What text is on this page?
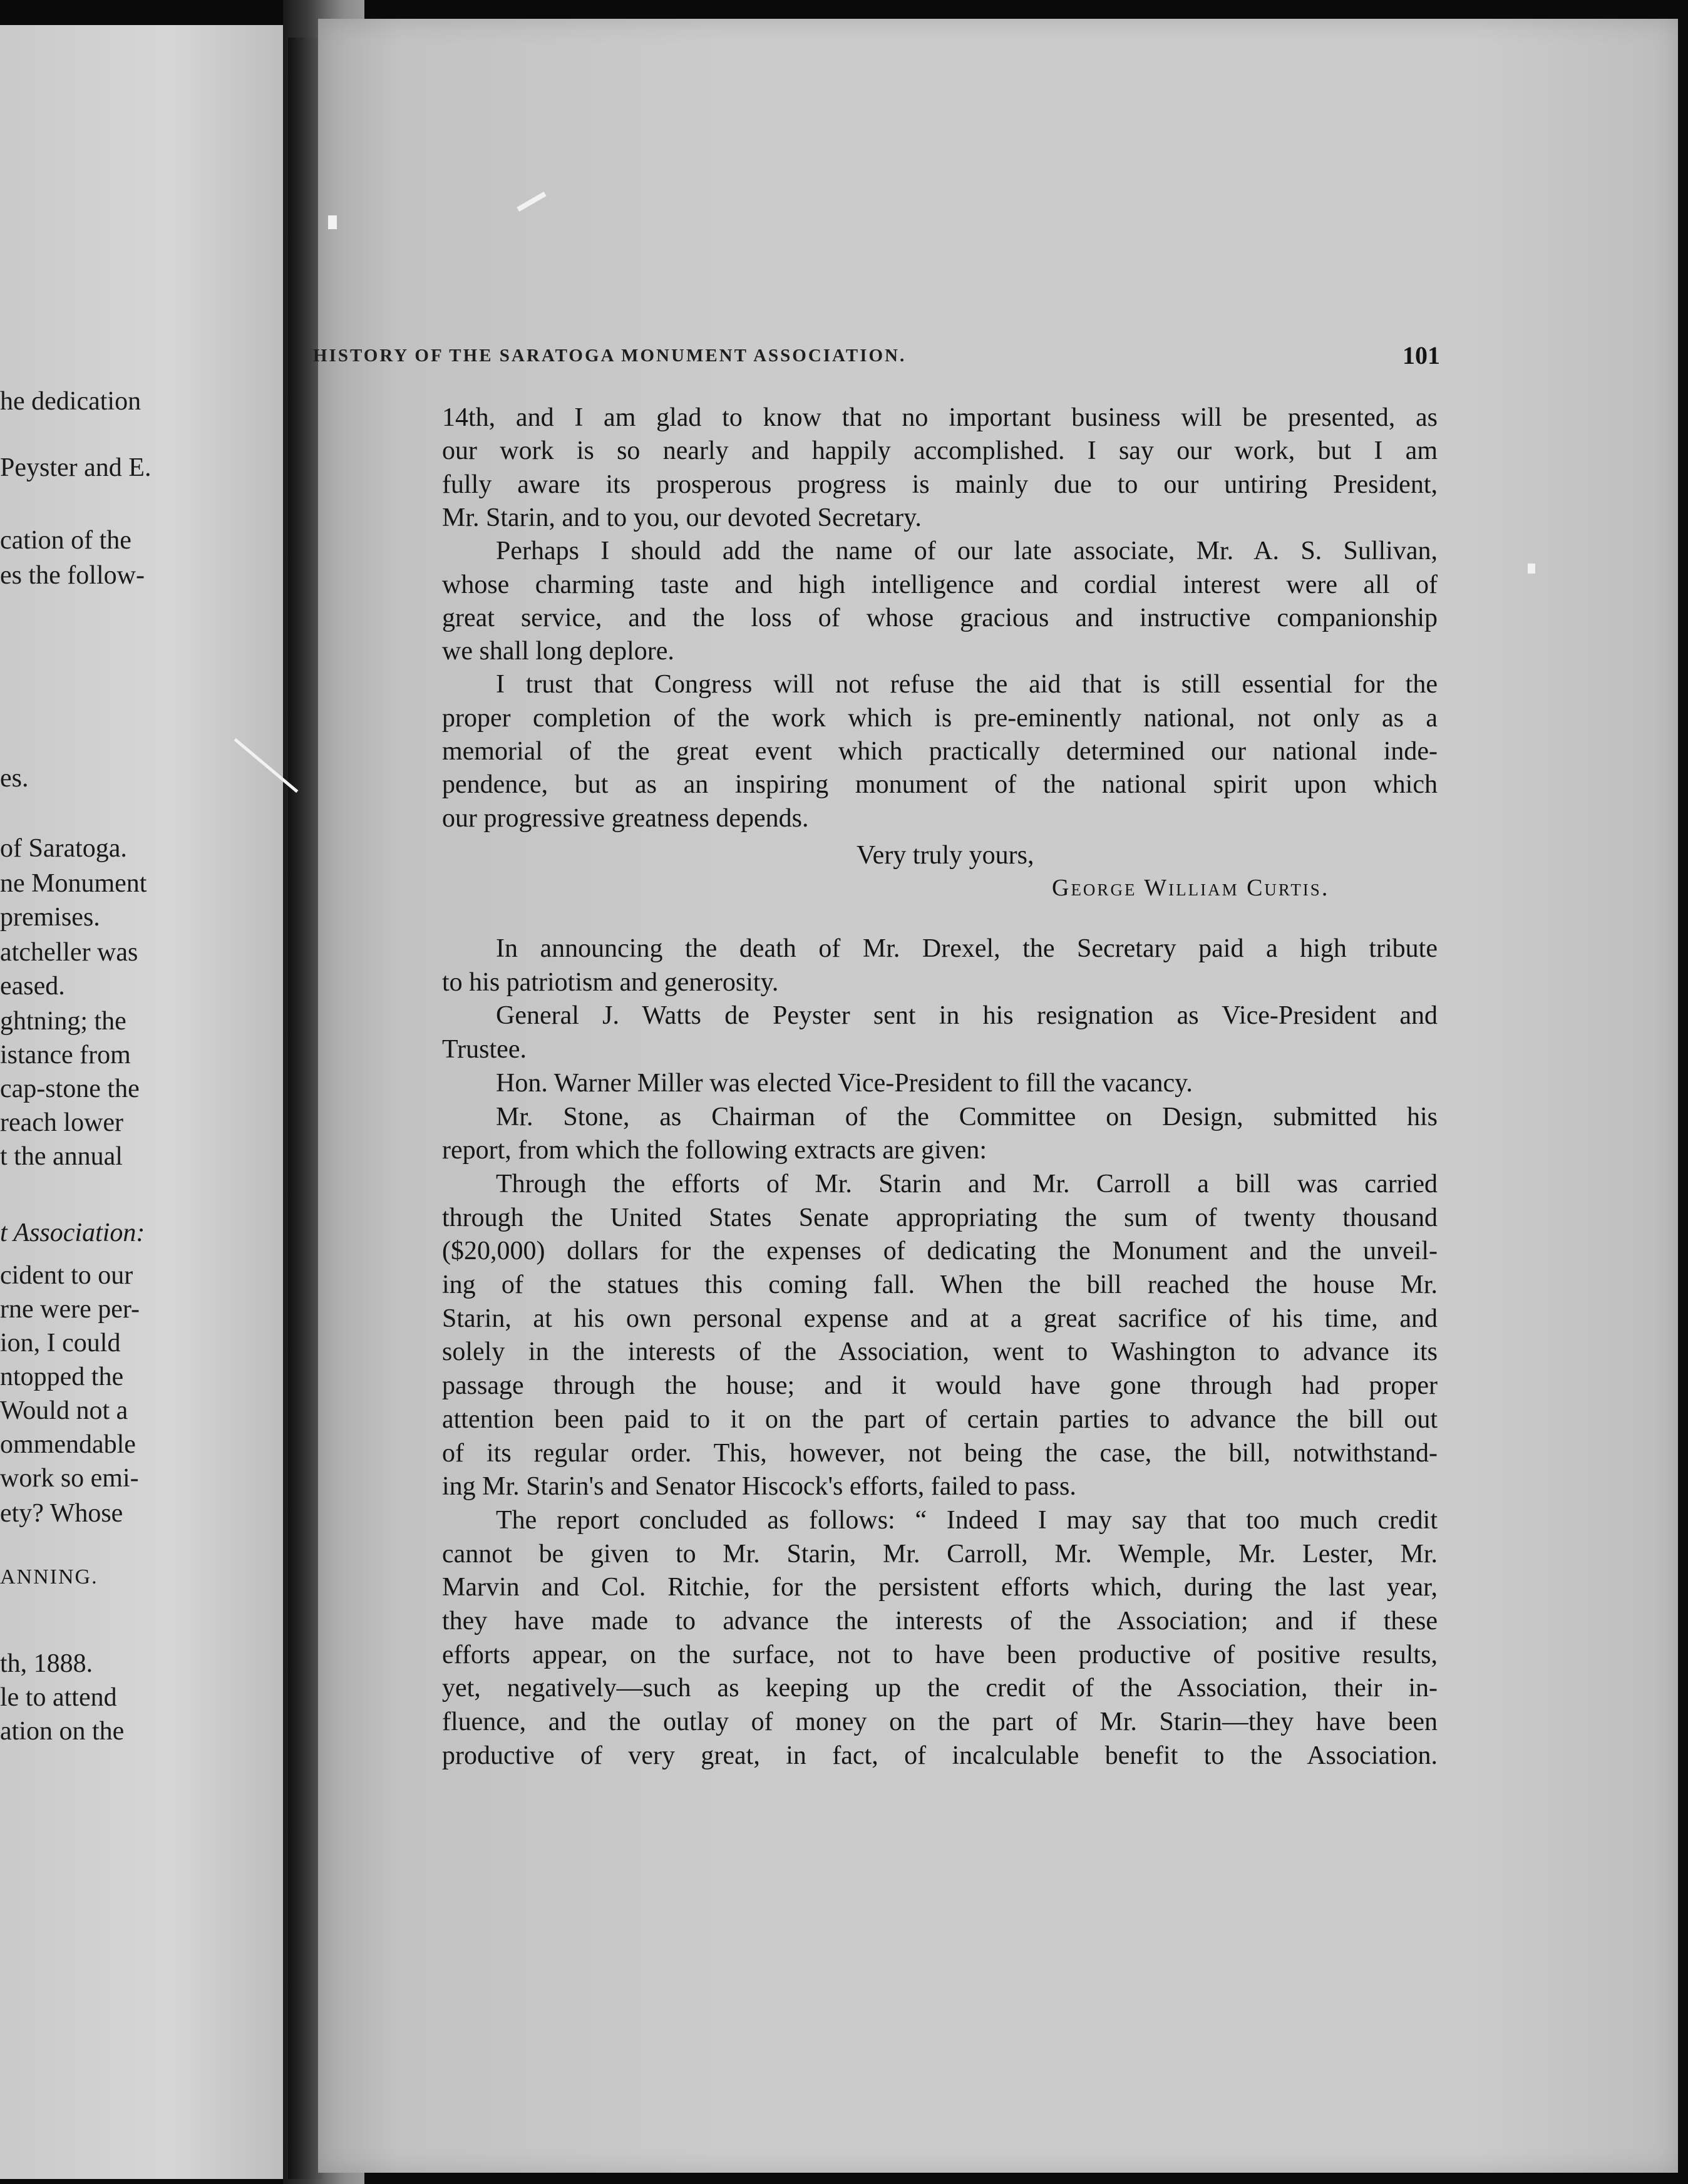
he dedication
Peyster and E.
cation of the
es the follow-
es.
of Saratoga.
ne Monument
premises.
atcheller was
eased.
ghtning; the
istance from
cap-stone the
reach lower
t the annual
t Association:
cident to our
rne were per-
ion, I could
ntopped the
Would not a
ommendable
work so emi-
ety? Whose
ANNING.
th, 1888.
le to attend
ation on the
HISTORY OF THE SARATOGA MONUMENT ASSOCIATION.	101
14th, and I am glad to know that no important business will be presented, as
our work is so nearly and happily accomplished. I say our work, but I am
fully aware its prosperous progress is mainly due to our untiring President,
Mr. Starin, and to you, our devoted Secretary.
Perhaps I should add the name of our late associate, Mr. A. S. Sullivan,
whose charming taste and high intelligence and cordial interest were all of
great service, and the loss of whose gracious and instructive companionship
we shall long deplore.
I trust that Congress will not refuse the aid that is still essential for the
proper completion of the work which is pre-eminently national, not only as a
memorial of the great event which practically determined our national inde-
pendence, but as an inspiring monument of the national spirit upon which
our progressive greatness depends.
Very truly yours,
George William Curtis.
In announcing the death of Mr. Drexel, the Secretary paid a high tribute
to his patriotism and generosity.
General J. Watts de Peyster sent in his resignation as Vice-President and
Trustee.
Hon. Warner Miller was elected Vice-President to fill the vacancy.
Mr. Stone, as Chairman of the Committee on Design, submitted his
report, from which the following extracts are given:
Through the efforts of Mr. Starin and Mr. Carroll a bill was carried
through the United States Senate appropriating the sum of twenty thousand
($20,000) dollars for the expenses of dedicating the Monument and the unveil-
ing of the statues this coming fall. When the bill reached the house Mr.
Starin, at his own personal expense and at a great sacrifice of his time, and
solely in the interests of the Association, went to Washington to advance its
passage through the house; and it would have gone through had proper
attention been paid to it on the part of certain parties to advance the bill out
of its regular order. This, however, not being the case, the bill, notwithstand-
ing Mr. Starin's and Senator Hiscock's efforts, failed to pass.
The report concluded as follows: “ Indeed I may say that too much credit
cannot be given to Mr. Starin, Mr. Carroll, Mr. Wemple, Mr. Lester, Mr.
Marvin and Col. Ritchie, for the persistent efforts which, during the last year,
they have made to advance the interests of the Association; and if these
efforts appear, on the surface, not to have been productive of positive results,
yet, negatively—such as keeping up the credit of the Association, their in-
fluence, and the outlay of money on the part of Mr. Starin—they have been
productive of very great, in fact, of incalculable benefit to the Association.
